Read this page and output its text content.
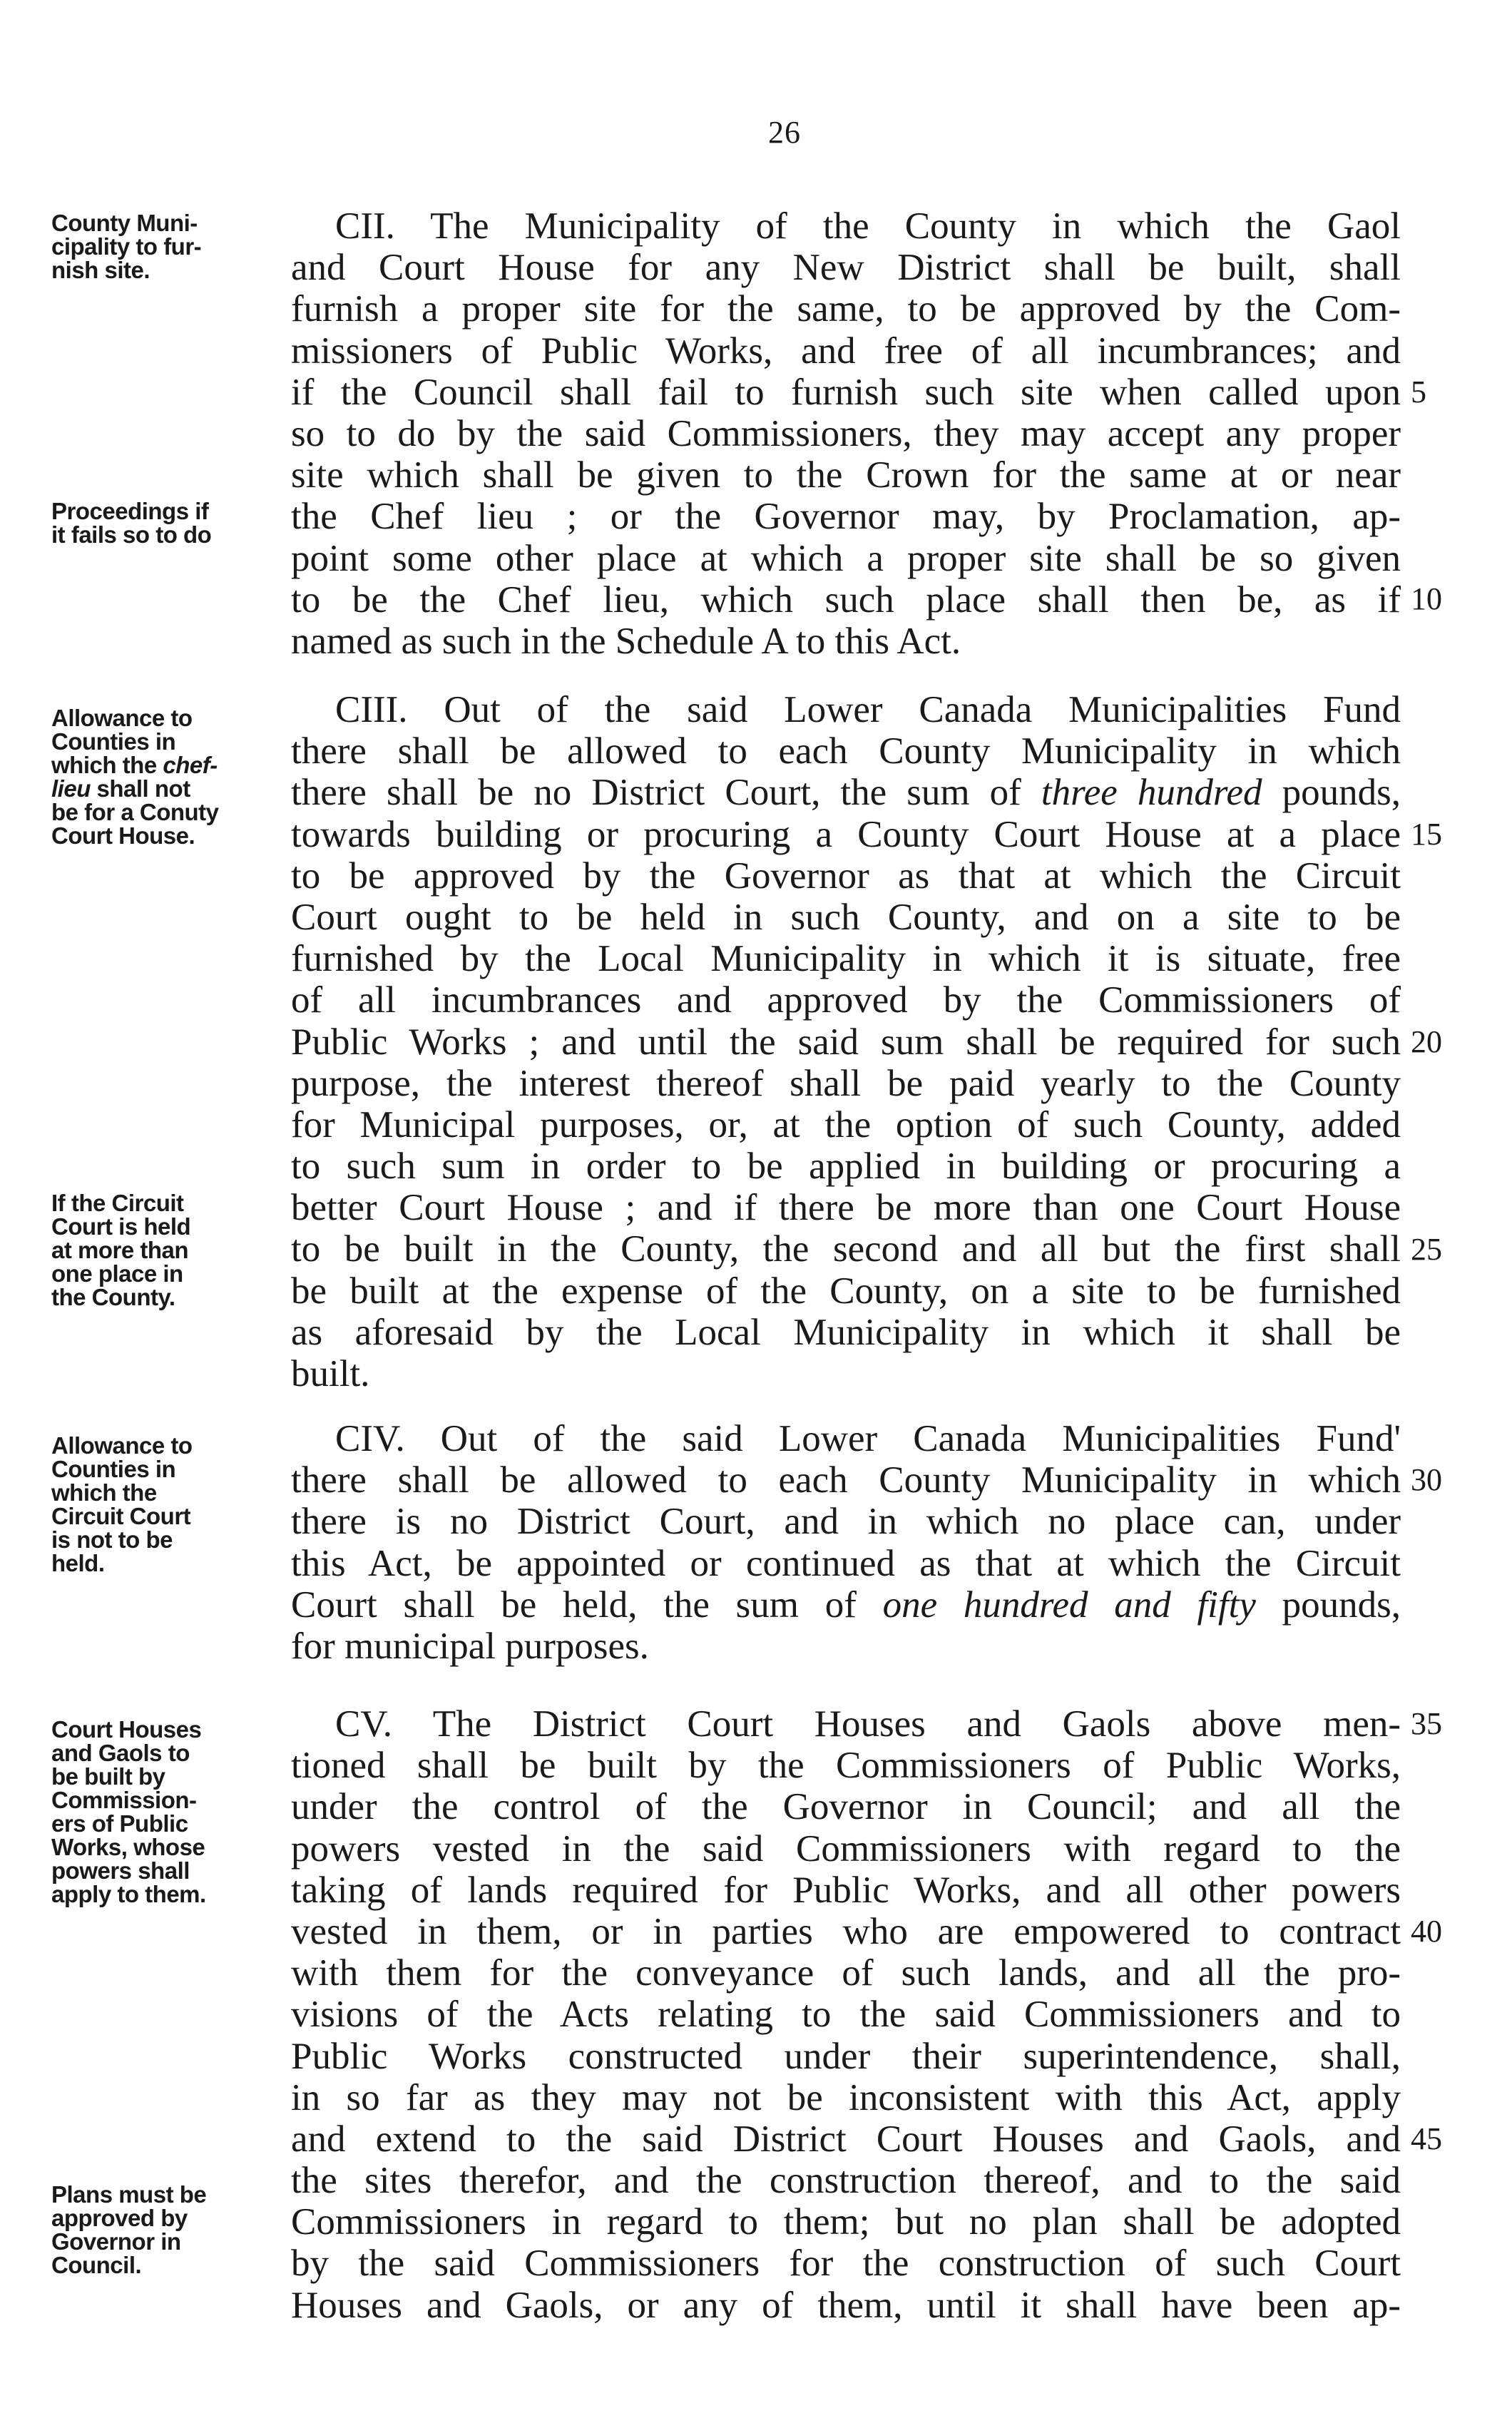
26
County Muni-
cipality to fur-
nish site.
Proceedings if
it fails so to do
CII. The Municipality of the County in which the Gaol
and Court House for any New District shall be built, shall
furnish a proper site for the same, to be approved by the Com-
missioners of Public Works, and free of all incumbrances; and
if the Council shall fail to furnish such site when called upon
so to do by the said Commissioners, they may accept any proper
site which shall be given to the Crown for the same at or near
the Chef lieu ; or the Governor may, by Proclamation, ap-
point some other place at which a proper site shall be so given
to be the Chef lieu, which such place shall then be, as if
named as such in the Schedule A to this Act.
Allowance to
Counties in
which the chef-
lieu shall not
be for a Conuty
Court House.
If the Circuit
Court is held
at more than
one place in
the County.
CIII. Out of the said Lower Canada Municipalities Fund
there shall be allowed to each County Municipality in which
there shall be no District Court, the sum of three hundred pounds,
towards building or procuring a County Court House at a place
to be approved by the Governor as that at which the Circuit
Court ought to be held in such County, and on a site to be
furnished by the Local Municipality in which it is situate, free
of all incumbrances and approved by the Commissioners of
Public Works ; and until the said sum shall be required for such
purpose, the interest thereof shall be paid yearly to the County
for Municipal purposes, or, at the option of such County, added
to such sum in order to be applied in building or procuring a
better Court House ; and if there be more than one Court House
to be built in the County, the second and all but the first shall
be built at the expense of the County, on a site to be furnished
as aforesaid by the Local Municipality in which it shall be
built.
Allowance to
Counties in
which the
Circuit Court
is not to be
held.
CIV. Out of the said Lower Canada Municipalities Fund'
there shall be allowed to each County Municipality in which
there is no District Court, and in which no place can, under
this Act, be appointed or continued as that at which the Circuit
Court shall be held, the sum of one hundred and fifty pounds,
for municipal purposes.
Court Houses
and Gaols to
be built by
Commission-
ers of Public
Works, whose
powers shall
apply to them.
Plans must be
approved by
Governor in
Council.
CV. The District Court Houses and Gaols above men-
tioned shall be built by the Commissioners of Public Works,
under the control of the Governor in Council; and all the
powers vested in the said Commissioners with regard to the
taking of lands required for Public Works, and all other powers
vested in them, or in parties who are empowered to contract
with them for the conveyance of such lands, and all the pro-
visions of the Acts relating to the said Commissioners and to
Public Works constructed under their superintendence, shall,
in so far as they may not be inconsistent with this Act, apply
and extend to the said District Court Houses and Gaols, and
the sites therefor, and the construction thereof, and to the said
Commissioners in regard to them; but no plan shall be adopted
by the said Commissioners for the construction of such Court
Houses and Gaols, or any of them, until it shall have been ap-
5
10
15
20
25
30
35
40
45
